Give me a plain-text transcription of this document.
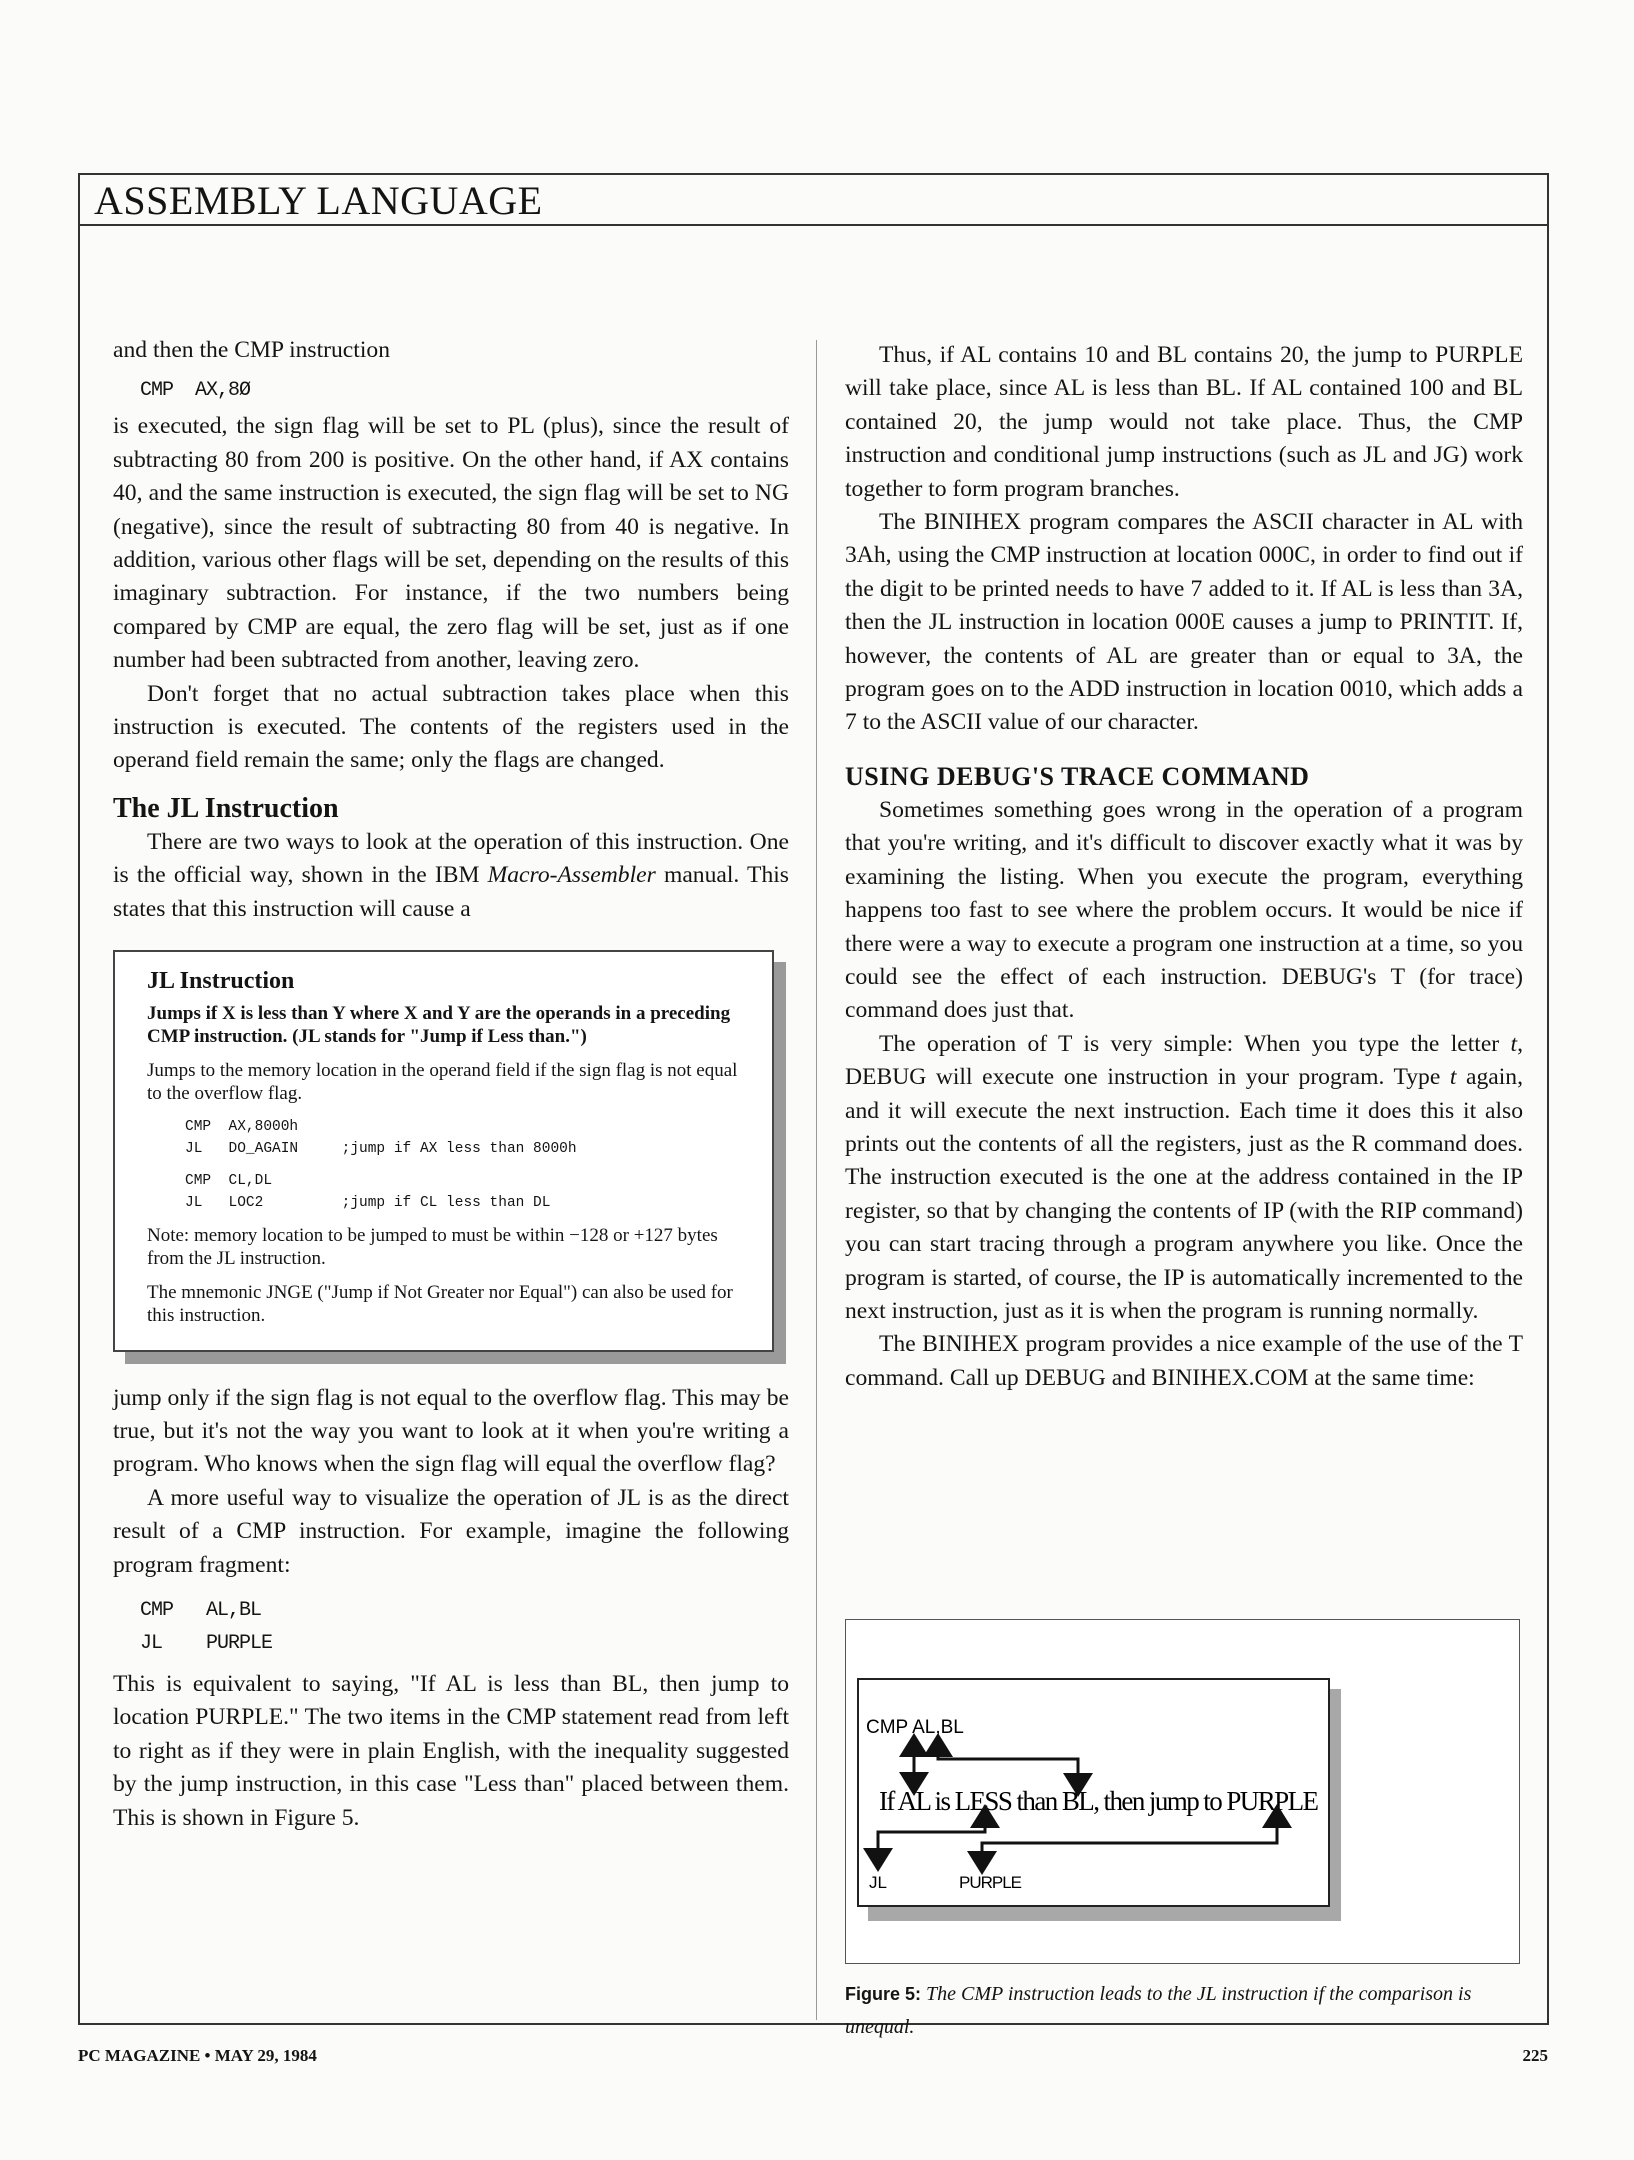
ASSEMBLY LANGUAGE

and then the CMP instruction

CMP  AX,8Ø

is executed, the sign flag will be set to PL (plus), since the result of subtracting 80 from 200 is positive. On the other hand, if AX contains 40, and the same instruction is executed, the sign flag will be set to NG (negative), since the result of subtracting 80 from 40 is negative. In addition, various other flags will be set, depending on the results of this imaginary subtraction. For instance, if the two numbers being compared by CMP are equal, the zero flag will be set, just as if one number had been subtracted from another, leaving zero.

Don't forget that no actual subtraction takes place when this instruction is executed. The contents of the registers used in the operand field remain the same; only the flags are changed.

The JL Instruction

There are two ways to look at the operation of this instruction. One is the official way, shown in the IBM Macro-Assembler manual. This states that this instruction will cause a

JL Instruction

Jumps if X is less than Y where X and Y are the operands in a preceding CMP instruction. (JL stands for "Jump if Less than.")

Jumps to the memory location in the operand field if the sign flag is not equal to the overflow flag.

CMP  AX,8000h
JL   DO_AGAIN     ;jump if AX less than 8000h
CMP  CL,DL
JL   LOC2         ;jump if CL less than DL

Note: memory location to be jumped to must be within −128 or +127 bytes from the JL instruction.

The mnemonic JNGE ("Jump if Not Greater nor Equal") can also be used for this instruction.

jump only if the sign flag is not equal to the overflow flag. This may be true, but it's not the way you want to look at it when you're writing a program. Who knows when the sign flag will equal the overflow flag?

A more useful way to visualize the operation of JL is as the direct result of a CMP instruction. For example, imagine the following program fragment:

CMP   AL,BL
JL    PURPLE

This is equivalent to saying, "If AL is less than BL, then jump to location PURPLE." The two items in the CMP statement read from left to right as if they were in plain English, with the inequality suggested by the jump instruction, in this case "Less than" placed between them. This is shown in Figure 5.

Thus, if AL contains 10 and BL contains 20, the jump to PURPLE will take place, since AL is less than BL. If AL contained 100 and BL contained 20, the jump would not take place. Thus, the CMP instruction and conditional jump instructions (such as JL and JG) work together to form program branches.

The BINIHEX program compares the ASCII character in AL with 3Ah, using the CMP instruction at location 000C, in order to find out if the digit to be printed needs to have 7 added to it. If AL is less than 3A, then the JL instruction in location 000E causes a jump to PRINTIT. If, however, the contents of AL are greater than or equal to 3A, the program goes on to the ADD instruction in location 0010, which adds a 7 to the ASCII value of our character.

USING DEBUG'S TRACE COMMAND

Sometimes something goes wrong in the operation of a program that you're writing, and it's difficult to discover exactly what it was by examining the listing. When you execute the program, everything happens too fast to see where the problem occurs. It would be nice if there were a way to execute a program one instruction at a time, so you could see the effect of each instruction. DEBUG's T (for trace) command does just that.

The operation of T is very simple: When you type the letter t, DEBUG will execute one instruction in your program. Type t again, and it will execute the next instruction. Each time it does this it also prints out the contents of all the registers, just as the R command does. The instruction executed is the one at the address contained in the IP register, so that by changing the contents of IP (with the RIP command) you can start tracing through a program anywhere you like. Once the program is started, of course, the IP is automatically incremented to the next instruction, just as it is when the program is running normally.

The BINIHEX program provides a nice example of the use of the T command. Call up DEBUG and BINIHEX.COM at the same time:

CMP AL,BL
If AL is LESS than BL, then jump to PURPLE
JL	PURPLE
Figure 5: The CMP instruction leads to the JL instruction if the comparison is unequal.
PC MAGAZINE • MAY 29, 1984	225
